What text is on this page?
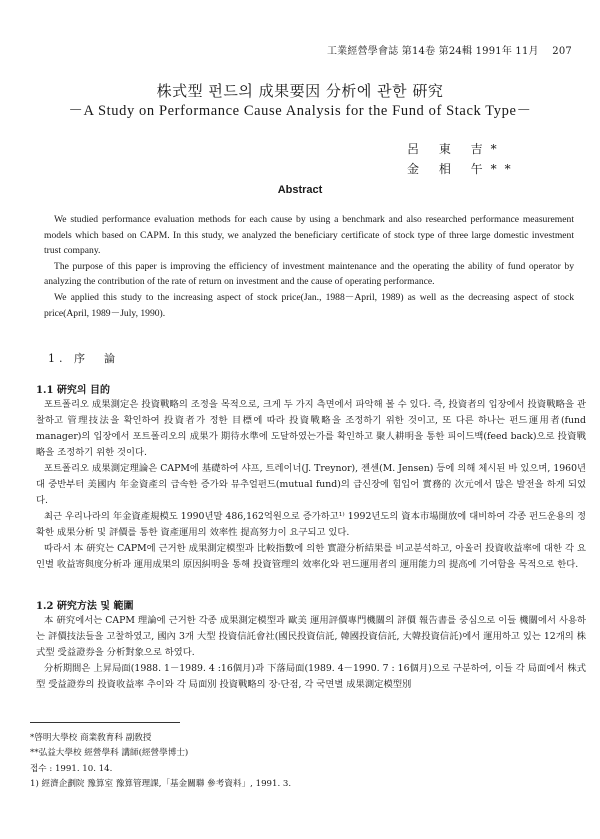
工業經營學會誌 第14卷 第24輯 1991年 11月　 207
株式型 펀드의 成果要因 分析에 관한 硏究
－A Study on Performance Cause Analysis for the Fund of Stack Type－
呂 東 吉*
金 相 午**
Abstract

We studied performance evaluation methods for each cause by using a benchmark and also researched performance measurement models which based on CAPM. In this study, we analyzed the beneficiary certificate of stock type of three large domestic investment trust company.

The purpose of this paper is improving the efficiency of investment maintenance and the operating the ability of fund operator by analyzing the contribution of the rate of return on investment and the cause of operating performance.

We applied this study to the increasing aspect of stock price(Jan., 1988－April, 1989) as well as the decreasing aspect of stock price(April, 1989－July, 1990).

1. 序　論
1.1 硏究의 目的

포트폴리오 成果測定은 投資戰略의 조정을 목적으로, 크게 두 가지 측면에서 파악해 볼 수 있다. 즉, 投資者의 입장에서 投資戰略을 관찰하고 管理技法을 확인하여 投資者가 정한 目標에 따라 投資戰略을 조정하기 위한 것이고, 또 다른 하나는 펀드運用者(fund manager)의 입장에서 포트폴리오의 成果가 期待水準에 도달하였는가를 확인하고 聚人耕明을 통한 피이드백(feed back)으로 投資戰略을 조정하기 위한 것이다.

포트폴리오 成果測定理論은 CAPM에 基礎하여 샤프, 트레이너(J. Treynor), 젠센(M. Jensen) 등에 의해 체시된 바 있으며, 1960년대 중반부터 美國内 年金資產의 급속한 증가와 뮤추얼펀드(mutual fund)의 급신장에 힘입어 實務的 次元에서 많은 발전을 하게 되었다.

최근 우리나라의 年金資產規模도 1990년말 486,162억원으로 증가하고¹⁾ 1992년도의 資本市場開放에 대비하여 각종 펀드운용의 정확한 成果分析 및 評價를 통한 資產運用의 效率性 提高努力이 요구되고 있다.

따라서 本 硏究는 CAPM에 근거한 成果測定模型과 比較指數에 의한 實證分析結果를 비교분석하고, 아울러 投資收益率에 대한 각 요인별 收益寄與度分析과 運用成果의 原因糾明을 통해 投資管理의 效率化와 펀드運用者의 運用能力의 提高에 기여함을 목적으로 한다.

1.2 硏究方法 및 範圍

本 硏究에서는 CAPM 理論에 근거한 각종 成果測定模型과 歐美 運用評價專門機關의 評價 報告書를 중심으로 이들 機關에서 사용하는 評價技法들을 고찰하였고, 國內 3개 大型 投資信託會社(國民投資信託, 韓國投資信託, 大韓投資信託)에서 運用하고 있는 12개의 株式型 受益證券을 分析對象으로 하였다.

分析期間은 上昇局面(1988. 1－1989. 4 :16個月)과 下落局面(1989. 4－1990. 7 : 16個月)으로 구분하여, 이들 각 局面에서 株式型 受益證券의 投資收益率 추이와 각 局面別 投資戰略의 장·단점, 각 국면별 成果測定模型別

*啓明大學校 商業敎育科 副敎授
**弘益大學校 經營學科 講師(經營學博士)
접수 : 1991. 10. 14.
1) 經濟企劃院 豫算室 豫算管理課,「基金關聯 參考資料」, 1991. 3.
